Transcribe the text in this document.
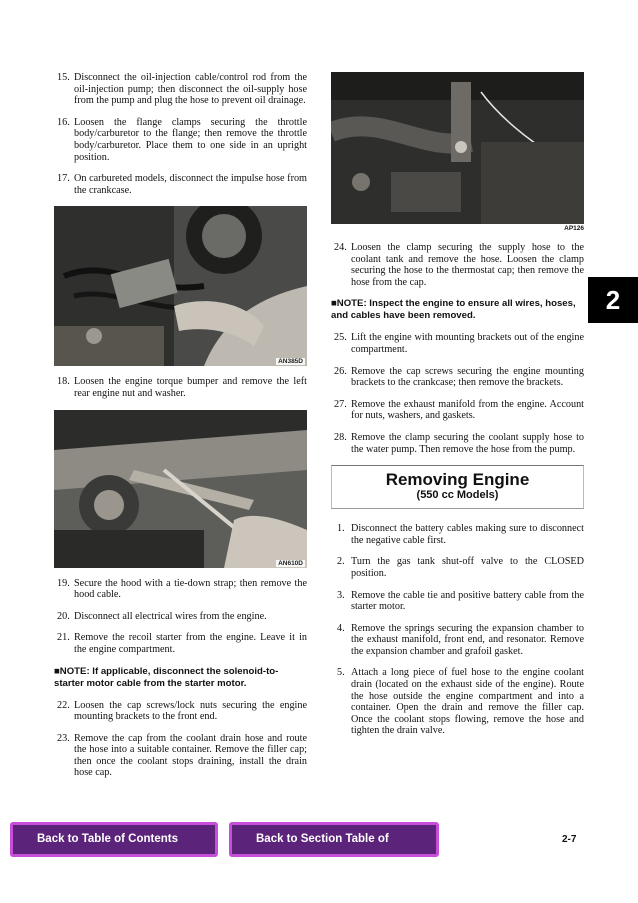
2
15. Disconnect the oil-injection cable/control rod from the oil-injection pump; then disconnect the oil-supply hose from the pump and plug the hose to prevent oil drainage.
16. Loosen the flange clamps securing the throttle body/carburetor to the flange; then remove the throttle body/carburetor. Place them to one side in an upright position.
17. On carbureted models, disconnect the impulse hose from the crankcase.
AN385D
18. Loosen the engine torque bumper and remove the left rear engine nut and washer.
AN610D
19. Secure the hood with a tie-down strap; then remove the hood cable.
20. Disconnect all electrical wires from the engine.
21. Remove the recoil starter from the engine. Leave it in the engine compartment.
■NOTE: If applicable, disconnect the solenoid-to-starter motor cable from the starter motor.
22. Loosen the cap screws/lock nuts securing the engine mounting brackets to the front end.
23. Remove the cap from the coolant drain hose and route the hose into a suitable container. Remove the filler cap; then once the coolant stops draining, install the drain hose cap.
AP126
24. Loosen the clamp securing the supply hose to the coolant tank and remove the hose. Loosen the clamp securing the hose to the thermostat cap; then remove the hose from the cap.
■NOTE: Inspect the engine to ensure all wires, hoses, and cables have been removed.
25. Lift the engine with mounting brackets out of the engine compartment.
26. Remove the cap screws securing the engine mounting brackets to the crankcase; then remove the brackets.
27. Remove the exhaust manifold from the engine. Account for nuts, washers, and gaskets.
28. Remove the clamp securing the coolant supply hose to the water pump. Then remove the hose from the pump.
Removing Engine
(550 cc Models)
1. Disconnect the battery cables making sure to disconnect the negative cable first.
2. Turn the gas tank shut-off valve to the CLOSED position.
3. Remove the cable tie and positive battery cable from the starter motor.
4. Remove the springs securing the expansion chamber to the exhaust manifold, front end, and resonator. Remove the expansion chamber and grafoil gasket.
5. Attach a long piece of fuel hose to the engine coolant drain (located on the exhaust side of the engine). Route the hose outside the engine compartment and into a container. Open the drain and remove the filler cap. Once the coolant stops flowing, remove the hose and tighten the drain valve.
Back to Table of Contents	Back to Section Table of Contents
2-7
